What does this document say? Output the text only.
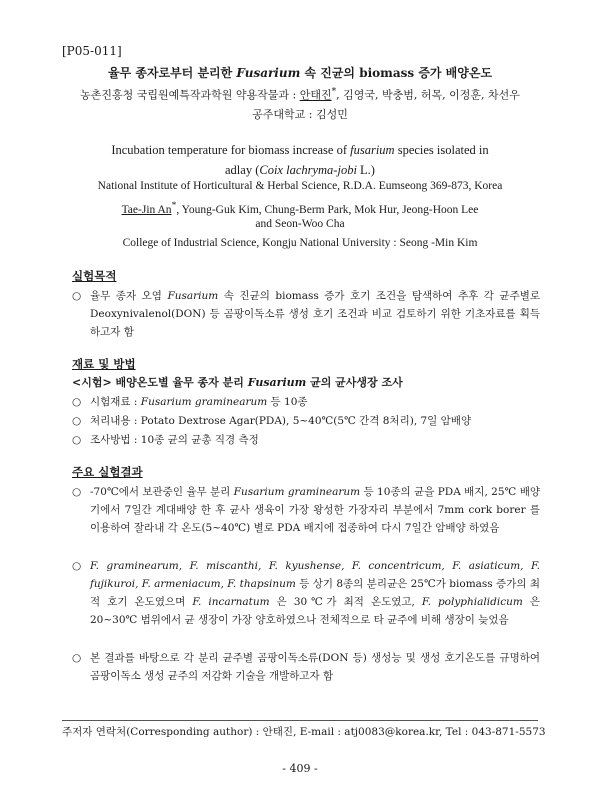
[P05-011]
율무 종자로부터 분리한 Fusarium 속 진균의 biomass 증가 배양온도
농촌진흥청 국립원예특작과학원 약용작물과 : 안태진*, 김영국, 박충범, 허목, 이정훈, 차선우
공주대학교 : 김성민
Incubation temperature for biomass increase of fusarium species isolated in
adlay (Coix lachryma-jobi L.)
National Institute of Horticultural & Herbal Science, R.D.A. Eumseong 369-873, Korea
Tae-Jin An*, Young-Guk Kim, Chung-Berm Park, Mok Hur, Jeong-Hoon Lee
and Seon-Woo Cha
College of Industrial Science, Kongju National University : Seong -Min Kim
실험목적
○ 율무 종자 오염 Fusarium 속 진균의 biomass 증가 호기 조건을 탐색하여 추후 각 균주별로 Deoxynivalenol(DON) 등 곰팡이독소류 생성 호기 조건과 비교 검토하기 위한 기초자료를 획득하고자 함
재료 및 방법
<시험> 배양온도별 율무 종자 분리 Fusarium 균의 균사생장 조사
○ 시험재료 : Fusarium graminearum 등 10종
○ 처리내용 : Potato Dextrose Agar(PDA), 5~40℃(5℃ 간격 8처리), 7일 암배양
○ 조사방법 : 10종 균의 균총 직경 측정
주요 실험결과
○ -70℃에서 보관중인 율무 분리 Fusarium graminearum 등 10종의 균을 PDA 배지, 25℃ 배양기에서 7일간 계대배양 한 후 균사 생육이 가장 왕성한 가장자리 부분에서 7mm cork borer 를 이용하여 잘라내 각 온도(5~40℃) 별로 PDA 배지에 접종하여 다시 7일간 암배양 하였음
○ F. graminearum, F. miscanthi, F. kyushense, F. concentricum, F. asiaticum, F. fujikuroi, F. armeniacum, F. thapsinum 등 상기 8종의 분리균은 25℃가 biomass 증가의 최적 호기 온도였으며 F. incarnatum 은 30℃가 최적 온도였고, F. polyphialidicum 은 20~30℃ 범위에서 균 생장이 가장 양호하였으나 전체적으로 타 균주에 비해 생장이 늦었음
○ 본 결과를 바탕으로 각 분리 균주별 곰팡이독소류(DON 등) 생성능 및 생성 호기온도를 규명하여 곰팡이독소 생성 균주의 저감화 기술을 개발하고자 함
주저자 연락처(Corresponding author) : 안태진, E-mail : atj0083@korea.kr, Tel : 043-871-5573
- 409 -
